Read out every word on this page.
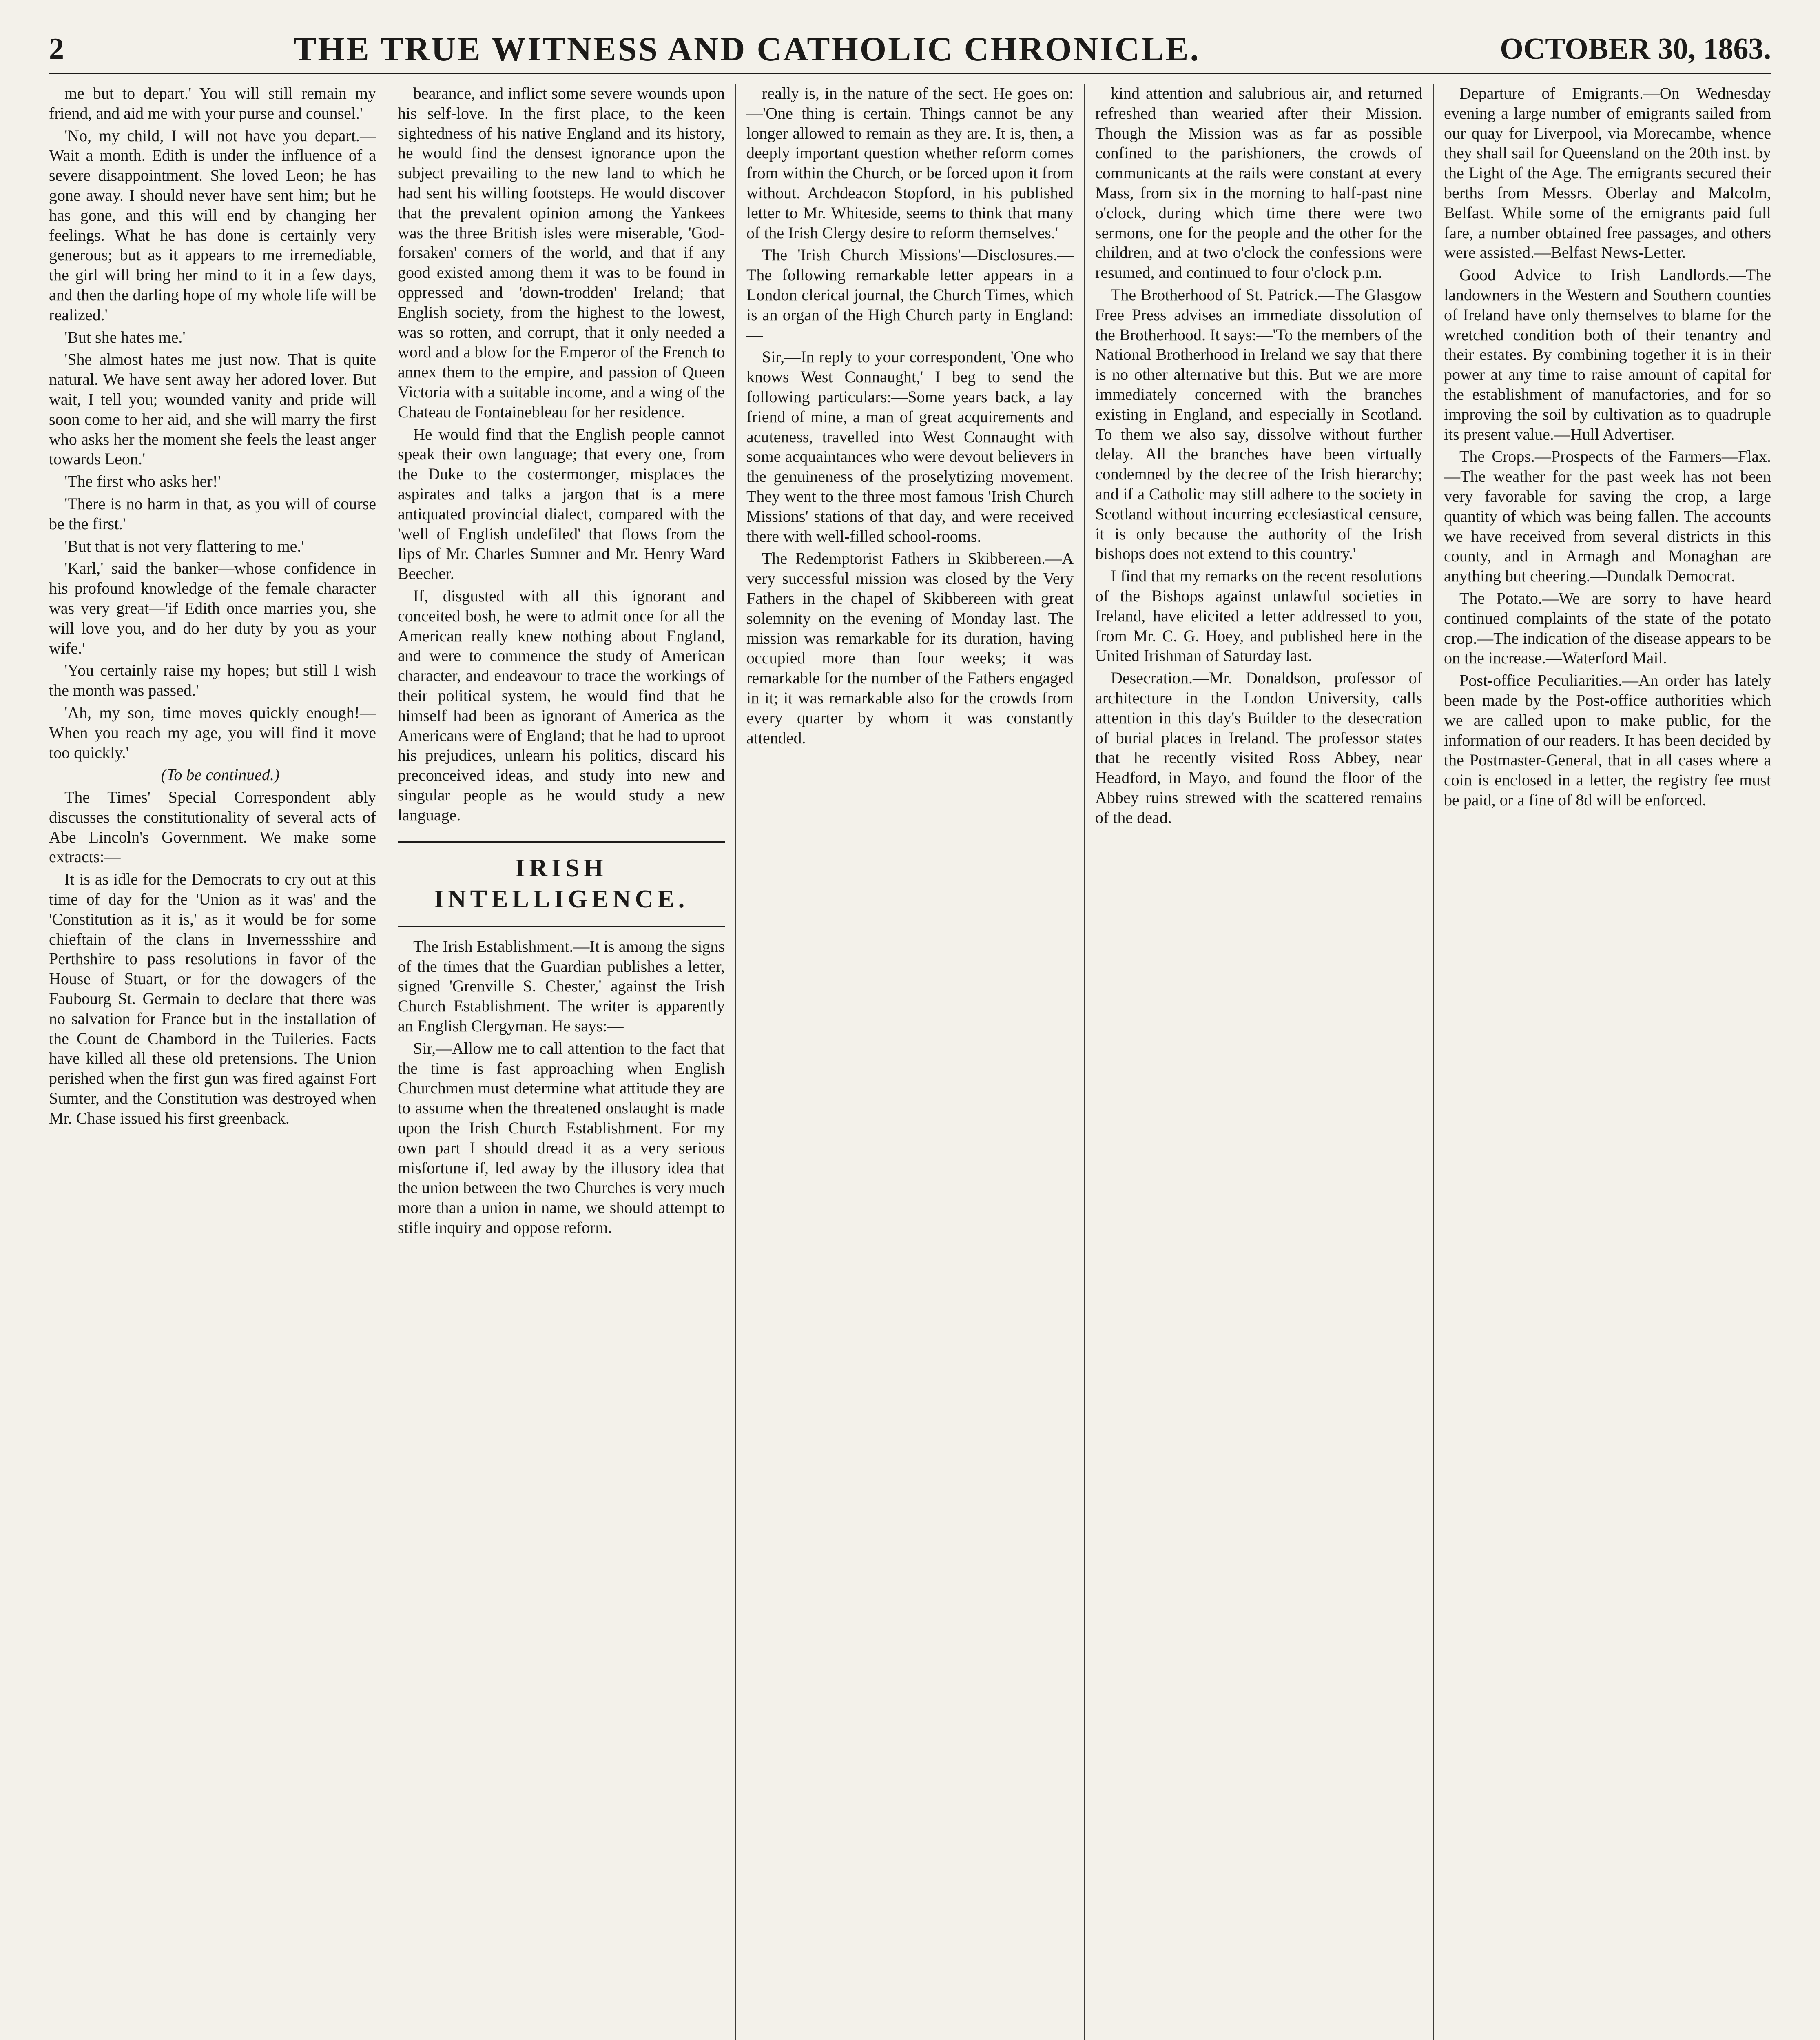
2	THE TRUE WITNESS AND CATHOLIC CHRONICLE.	OCTOBER 30, 1863.

me but to depart.' You will still remain my friend, and aid me with your purse and counsel.'

'No, my child, I will not have you depart.—Wait a month. Edith is under the influence of a severe disappointment. She loved Leon; he has gone away. I should never have sent him; but he has gone, and this will end by changing her feelings. What he has done is certainly very generous; but as it appears to me irremediable, the girl will bring her mind to it in a few days, and then the darling hope of my whole life will be realized.'

'But she hates me.'

'She almost hates me just now. That is quite natural. We have sent away her adored lover. But wait, I tell you; wounded vanity and pride will soon come to her aid, and she will marry the first who asks her the moment she feels the least anger towards Leon.'

'The first who asks her!'

'There is no harm in that, as you will of course be the first.'

'But that is not very flattering to me.'

'Karl,' said the banker—whose confidence in his profound knowledge of the female character was very great—'if Edith once marries you, she will love you, and do her duty by you as your wife.'

'You certainly raise my hopes; but still I wish the month was passed.'

'Ah, my son, time moves quickly enough!—When you reach my age, you will find it move too quickly.'

(To be continued.)

The Times' Special Correspondent ably discusses the constitutionality of several acts of Abe Lincoln's Government. We make some extracts:—

It is as idle for the Democrats to cry out at this time of day for the 'Union as it was' and the 'Constitution as it is,' as it would be for some chieftain of the clans in Invernessshire and Perthshire to pass resolutions in favor of the House of Stuart, or for the dowagers of the Faubourg St. Germain to declare that there was no salvation for France but in the installation of the Count de Chambord in the Tuileries. Facts have killed all these old pretensions. The Union perished when the first gun was fired against Fort Sumter, and the Constitution was destroyed when Mr. Chase issued his first greenback.

bearance, and inflict some severe wounds upon his self-love. In the first place, to the keen sightedness of his native England and its history, he would find the densest ignorance upon the subject prevailing to the new land to which he had sent his willing footsteps. He would discover that the prevalent opinion among the Yankees was the three British isles were miserable, 'God-forsaken' corners of the world, and that if any good existed among them it was to be found in oppressed and 'down-trodden' Ireland; that English society, from the highest to the lowest, was so rotten, and corrupt, that it only needed a word and a blow for the Emperor of the French to annex them to the empire, and passion of Queen Victoria with a suitable income, and a wing of the Chateau de Fontainebleau for her residence.

He would find that the English people cannot speak their own language; that every one, from the Duke to the costermonger, misplaces the aspirates and talks a jargon that is a mere antiquated provincial dialect, compared with the 'well of English undefiled' that flows from the lips of Mr. Charles Sumner and Mr. Henry Ward Beecher.

If, disgusted with all this ignorant and conceited bosh, he were to admit once for all the American really knew nothing about England, and were to commence the study of American character, and endeavour to trace the workings of their political system, he would find that he himself had been as ignorant of America as the Americans were of England; that he had to uproot his prejudices, unlearn his politics, discard his preconceived ideas, and study into new and singular people as he would study a new language.

IRISH INTELLIGENCE.

The Irish Establishment.—It is among the signs of the times that the Guardian publishes a letter, signed 'Grenville S. Chester,' against the Irish Church Establishment. The writer is apparently an English Clergyman. He says:—

Sir,—Allow me to call attention to the fact that the time is fast approaching when English Churchmen must determine what attitude they are to assume when the threatened onslaught is made upon the Irish Church Establishment. For my own part I should dread it as a very serious misfortune if, led away by the illusory idea that the union between the two Churches is very much more than a union in name, we should attempt to stifle inquiry and oppose reform.

really is, in the nature of the sect. He goes on:—'One thing is certain. Things cannot be any longer allowed to remain as they are. It is, then, a deeply important question whether reform comes from within the Church, or be forced upon it from without. Archdeacon Stopford, in his published letter to Mr. Whiteside, seems to think that many of the Irish Clergy desire to reform themselves.'

The 'Irish Church Missions'—Disclosures.—The following remarkable letter appears in a London clerical journal, the Church Times, which is an organ of the High Church party in England:—

Sir,—In reply to your correspondent, 'One who knows West Connaught,' I beg to send the following particulars:—Some years back, a lay friend of mine, a man of great acquirements and acuteness, travelled into West Connaught with some acquaintances who were devout believers in the genuineness of the proselytizing movement. They went to the three most famous 'Irish Church Missions' stations of that day, and were received there with well-filled school-rooms.

The Redemptorist Fathers in Skibbereen.—A very successful mission was closed by the Very Fathers in the chapel of Skibbereen with great solemnity on the evening of Monday last. The mission was remarkable for its duration, having occupied more than four weeks; it was remarkable for the number of the Fathers engaged in it; it was remarkable also for the crowds from every quarter by whom it was constantly attended.

kind attention and salubrious air, and returned refreshed than wearied after their Mission. Though the Mission was as far as possible confined to the parishioners, the crowds of communicants at the rails were constant at every Mass, from six in the morning to half-past nine o'clock, during which time there were two sermons, one for the people and the other for the children, and at two o'clock the confessions were resumed, and continued to four o'clock p.m.

The Brotherhood of St. Patrick.—The Glasgow Free Press advises an immediate dissolution of the Brotherhood. It says:—'To the members of the National Brotherhood in Ireland we say that there is no other alternative but this. But we are more immediately concerned with the branches existing in England, and especially in Scotland. To them we also say, dissolve without further delay. All the branches have been virtually condemned by the decree of the Irish hierarchy; and if a Catholic may still adhere to the society in Scotland without incurring ecclesiastical censure, it is only because the authority of the Irish bishops does not extend to this country.'

I find that my remarks on the recent resolutions of the Bishops against unlawful societies in Ireland, have elicited a letter addressed to you, from Mr. C. G. Hoey, and published here in the United Irishman of Saturday last.

Desecration.—Mr. Donaldson, professor of architecture in the London University, calls attention in this day's Builder to the desecration of burial places in Ireland. The professor states that he recently visited Ross Abbey, near Headford, in Mayo, and found the floor of the Abbey ruins strewed with the scattered remains of the dead.

Departure of Emigrants.—On Wednesday evening a large number of emigrants sailed from our quay for Liverpool, via Morecambe, whence they shall sail for Queensland on the 20th inst. by the Light of the Age. The emigrants secured their berths from Messrs. Oberlay and Malcolm, Belfast. While some of the emigrants paid full fare, a number obtained free passages, and others were assisted.—Belfast News-Letter.

Good Advice to Irish Landlords.—The landowners in the Western and Southern counties of Ireland have only themselves to blame for the wretched condition both of their tenantry and their estates. By combining together it is in their power at any time to raise amount of capital for the establishment of manufactories, and for so improving the soil by cultivation as to quadruple its present value.—Hull Advertiser.

The Crops.—Prospects of the Farmers—Flax.—The weather for the past week has not been very favorable for saving the crop, a large quantity of which was being fallen. The accounts we have received from several districts in this county, and in Armagh and Monaghan are anything but cheering.—Dundalk Democrat.

The Potato.—We are sorry to have heard continued complaints of the state of the potato crop.—The indication of the disease appears to be on the increase.—Waterford Mail.

Post-office Peculiarities.—An order has lately been made by the Post-office authorities which we are called upon to make public, for the information of our readers. It has been decided by the Postmaster-General, that in all cases where a coin is enclosed in a letter, the registry fee must be paid, or a fine of 8d will be enforced.
